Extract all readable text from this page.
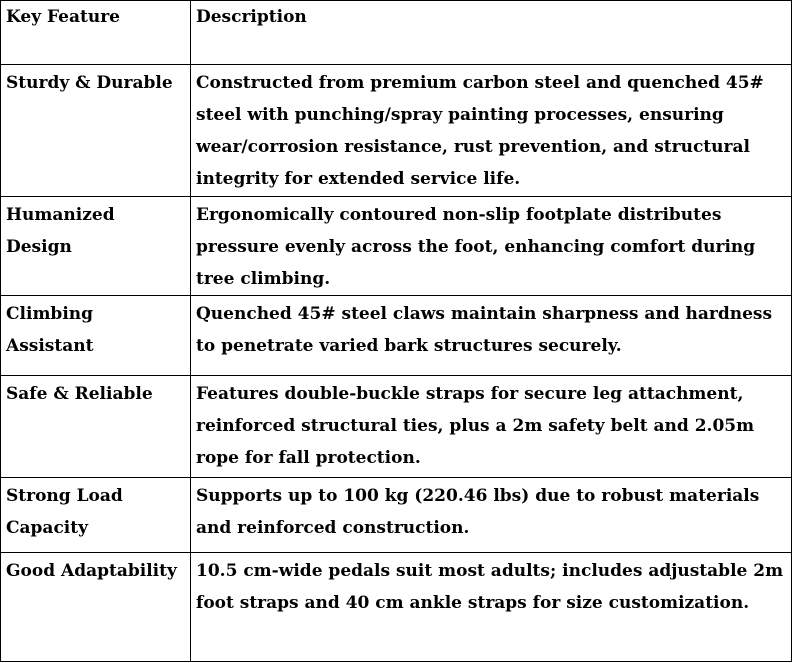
Key Feature	Description
Sturdy & Durable	Constructed from premium carbon steel and quenched 45# steel with punching/spray painting processes, ensuring wear/corrosion resistance, rust prevention, and structural integrity for extended service life.
Humanized Design	Ergonomically contoured non-slip footplate distributes pressure evenly across the foot, enhancing comfort during tree climbing.
Climbing Assistant	Quenched 45# steel claws maintain sharpness and hardness to penetrate varied bark structures securely.
Safe & Reliable	Features double-buckle straps for secure leg attachment, reinforced structural ties, plus a 2m safety belt and 2.05m rope for fall protection.
Strong Load Capacity	Supports up to 100 kg (220.46 lbs) due to robust materials and reinforced construction.
Good Adaptability	10.5 cm-wide pedals suit most adults; includes adjustable 2m foot straps and 40 cm ankle straps for size customization.
